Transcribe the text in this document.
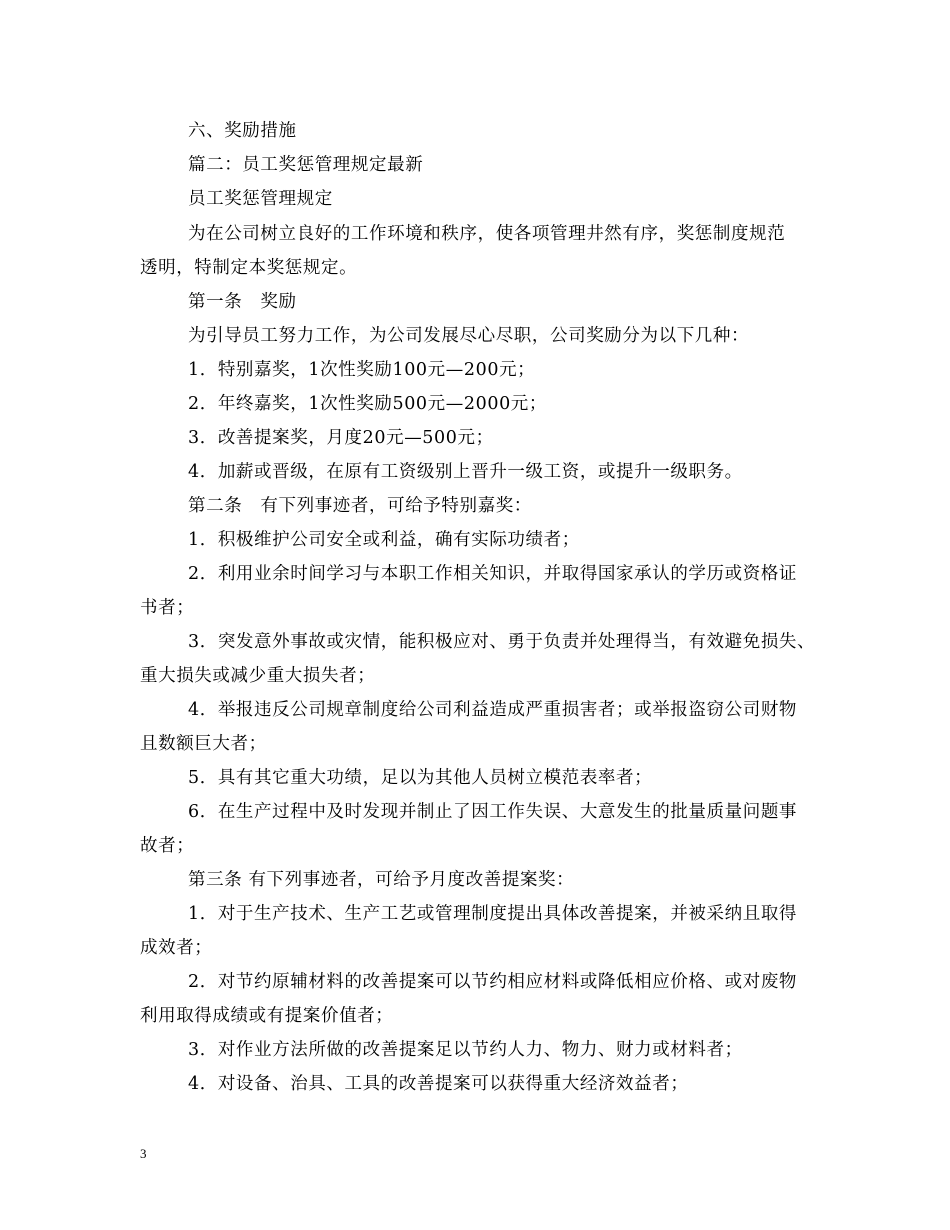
六、奖励措施
篇二：员工奖惩管理规定最新
员工奖惩管理规定
为在公司树立良好的工作环境和秩序，使各项管理井然有序，奖惩制度规范
透明，特制定本奖惩规定。
第一条　奖励
为引导员工努力工作，为公司发展尽心尽职，公司奖励分为以下几种：
1．特别嘉奖，1次性奖励100元—200元；
2．年终嘉奖，1次性奖励500元—2000元；
3．改善提案奖，月度20元—500元；
4．加薪或晋级，在原有工资级别上晋升一级工资，或提升一级职务。
第二条　有下列事迹者，可给予特别嘉奖：
1．积极维护公司安全或利益，确有实际功绩者；
2．利用业余时间学习与本职工作相关知识，并取得国家承认的学历或资格证
书者；
3．突发意外事故或灾情，能积极应对、勇于负责并处理得当，有效避免损失、
重大损失或减少重大损失者；
4．举报违反公司规章制度给公司利益造成严重损害者；或举报盗窃公司财物
且数额巨大者；
5．具有其它重大功绩，足以为其他人员树立模范表率者；
6．在生产过程中及时发现并制止了因工作失误、大意发生的批量质量问题事
故者；
第三条 有下列事迹者，可给予月度改善提案奖：
1．对于生产技术、生产工艺或管理制度提出具体改善提案，并被采纳且取得
成效者；
2．对节约原辅材料的改善提案可以节约相应材料或降低相应价格、或对废物
利用取得成绩或有提案价值者；
3．对作业方法所做的改善提案足以节约人力、物力、财力或材料者；
4．对设备、治具、工具的改善提案可以获得重大经济效益者；
3
